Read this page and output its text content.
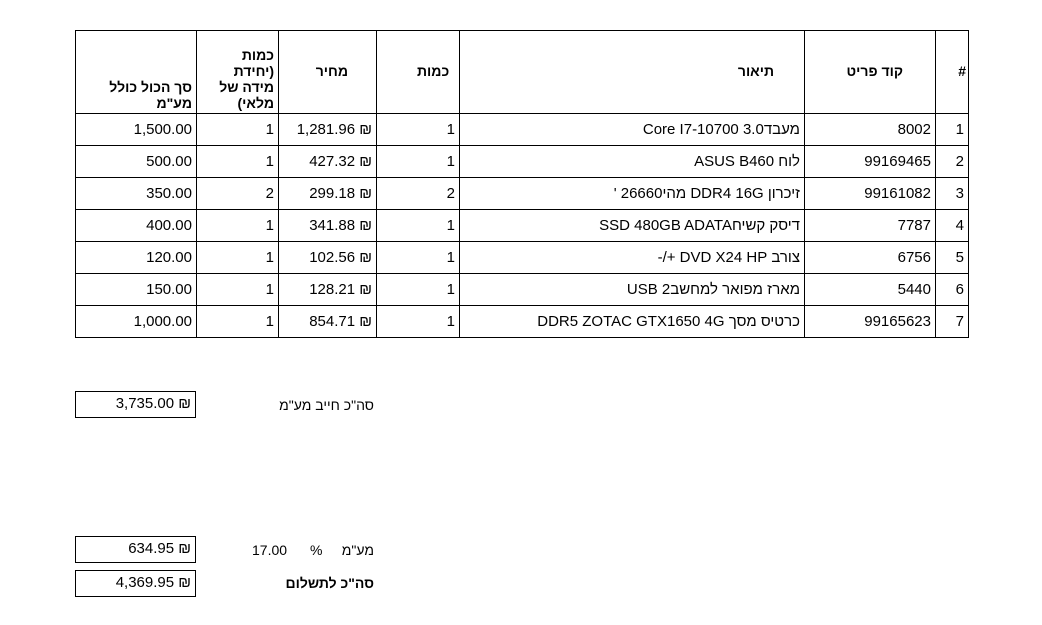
סך הכול כולל מע"מ	כמות (יחידת מידה של מלאי)	מחיר	כמות	תיאור	קוד פריט	#
1,500.00	1	₪ 1,281.96	1	מעבד3.0 Core I7-10700	8002	1
500.00	1	₪ 427.32	1	לוח ASUS B460	99169465	2
350.00	2	₪ 299.18	2	זיכרון DDR4 16G מהי26660 '	99161082	3
400.00	1	₪ 341.88	1	דיסק קשיחSSD 480GB ADATA	7787	4
120.00	1	₪ 102.56	1	צורב DVD X24 HP +/-	6756	5
150.00	1	₪ 128.21	1	מארז מפואר למחשבUSB 2	5440	6
1,000.00	1	₪ 854.71	1	כרטיס מסך DDR5 ZOTAC GTX1650 4G	99165623	7
₪ 3,735.00	סה"כ חייב מע"מ
₪ 634.95	17.00 % מע"מ
₪ 4,369.95	סה"כ לתשלום
